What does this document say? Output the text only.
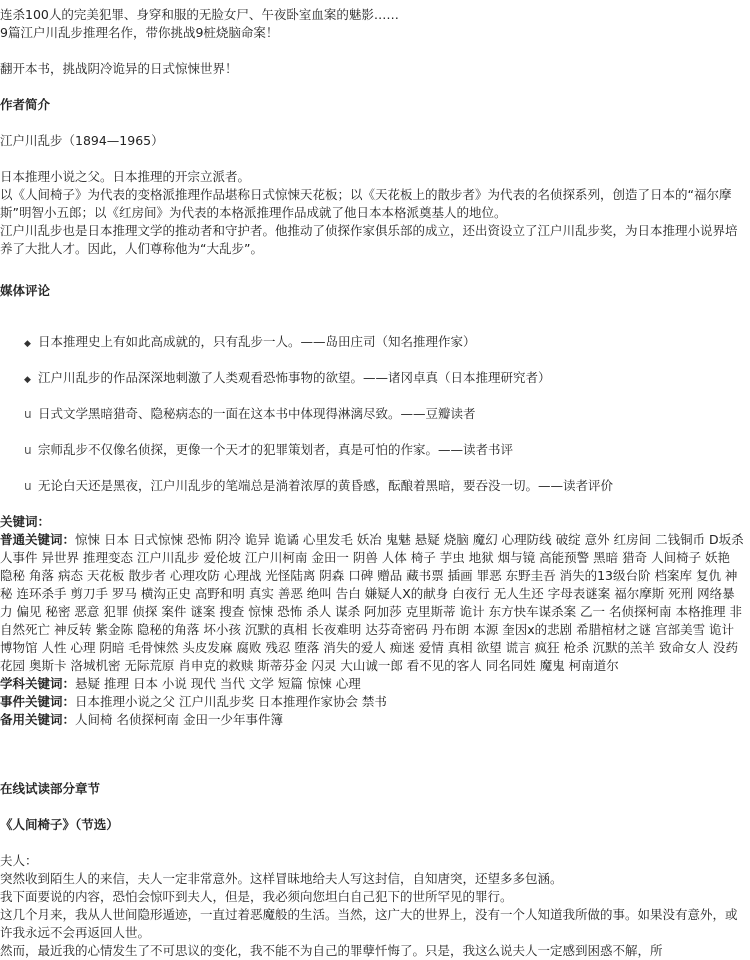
连杀100人的完美犯罪、身穿和服的无脸女尸、午夜卧室血案的魅影……
9篇江户川乱步推理名作，带你挑战9桩烧脑命案！
翻开本书，挑战阴冷诡异的日式惊悚世界！
作者简介
江户川乱步（1894—1965）
日本推理小说之父。日本推理的开宗立派者。
以《人间椅子》为代表的变格派推理作品堪称日式惊悚天花板；以《天花板上的散步者》为代表的名侦探系列，创造了日本的“福尔摩斯”明智小五郎；以《红房间》为代表的本格派推理作品成就了他日本本格派奠基人的地位。
江户川乱步也是日本推理文学的推动者和守护者。他推动了侦探作家俱乐部的成立，还出资设立了江户川乱步奖，为日本推理小说界培养了大批人才。因此，人们尊称他为“大乱步”。
媒体评论
◆ 日本推理史上有如此高成就的，只有乱步一人。——岛田庄司（知名推理作家）
◆ 江户川乱步的作品深深地刺激了人类观看恐怖事物的欲望。——诸冈卓真（日本推理研究者）
u 日式文学黑暗猎奇、隐秘病态的一面在这本书中体现得淋漓尽致。——豆瓣读者
u 宗师乱步不仅像名侦探，更像一个天才的犯罪策划者，真是可怕的作家。——读者书评
u 无论白天还是黑夜，江户川乱步的笔端总是淌着浓厚的黄昏感，酝酿着黑暗，要吞没一切。——读者评价
关键词：
普通关键词：惊悚 日本 日式惊悚 恐怖 阴冷 诡异 诡谲 心里发毛 妖冶 鬼魅 悬疑 烧脑 魔幻 心理防线 破绽 意外 红房间 二钱铜币 D坂杀人事件 异世界 推理变态 江户川乱步 爱伦坡 江户川柯南 金田一 阴兽 人体 椅子 芋虫 地狱 烟与镜 高能预警 黑暗 猎奇 人间椅子 妖艳 隐秘 角落 病态 天花板 散步者 心理攻防 心理战 光怪陆离 阴森 口碑 赠品 藏书票 插画 罪恶 东野圭吾 消失的13级台阶 档案库 复仇 神秘 连环杀手 剪刀手 罗马 横沟正史 高野和明 真实 善恶 绝叫 告白 嫌疑人X的献身 白夜行 无人生还 字母表谜案 福尔摩斯 死刑 网络暴力 偏见 秘密 恶意 犯罪 侦探 案件 谜案 搜查 惊悚 恐怖 杀人 谋杀 阿加莎 克里斯蒂 诡计 东方快车谋杀案 乙一 名侦探柯南 本格推理 非自然死亡 神反转 紫金陈 隐秘的角落 坏小孩 沉默的真相 长夜难明 达芬奇密码 丹布朗 本源 奎因x的悲剧 希腊棺材之谜 宫部美雪 诡计博物馆 人性 心理 阴暗 毛骨悚然 头皮发麻 腐败 残忍 堕落 消失的爱人 痴迷 爱情 真相 欲望 谎言 疯狂 枪杀 沉默的羔羊 致命女人 没药花园 奥斯卡 洛城机密 无际荒原 肖申克的救赎 斯蒂芬金 闪灵 大山诚一郎 看不见的客人 同名同姓 魔鬼 柯南道尔
学科关键词：悬疑 推理 日本 小说 现代 当代 文学 短篇 惊悚 心理
事件关键词：日本推理小说之父 江户川乱步奖 日本推理作家协会 禁书
备用关键词：人间椅 名侦探柯南 金田一少年事件簿
在线试读部分章节
《人间椅子》（节选）
夫人：
突然收到陌生人的来信，夫人一定非常意外。这样冒昧地给夫人写这封信，自知唐突，还望多多包涵。
我下面要说的内容，恐怕会惊吓到夫人，但是，我必须向您坦白自己犯下的世所罕见的罪行。
这几个月来，我从人世间隐形遁迹，一直过着恶魔般的生活。当然，这广大的世界上，没有一个人知道我所做的事。如果没有意外，或许我永远不会再返回人世。
然而，最近我的心情发生了不可思议的变化，我不能不为自己的罪孽忏悔了。只是，我这么说夫人一定感到困惑不解，所
